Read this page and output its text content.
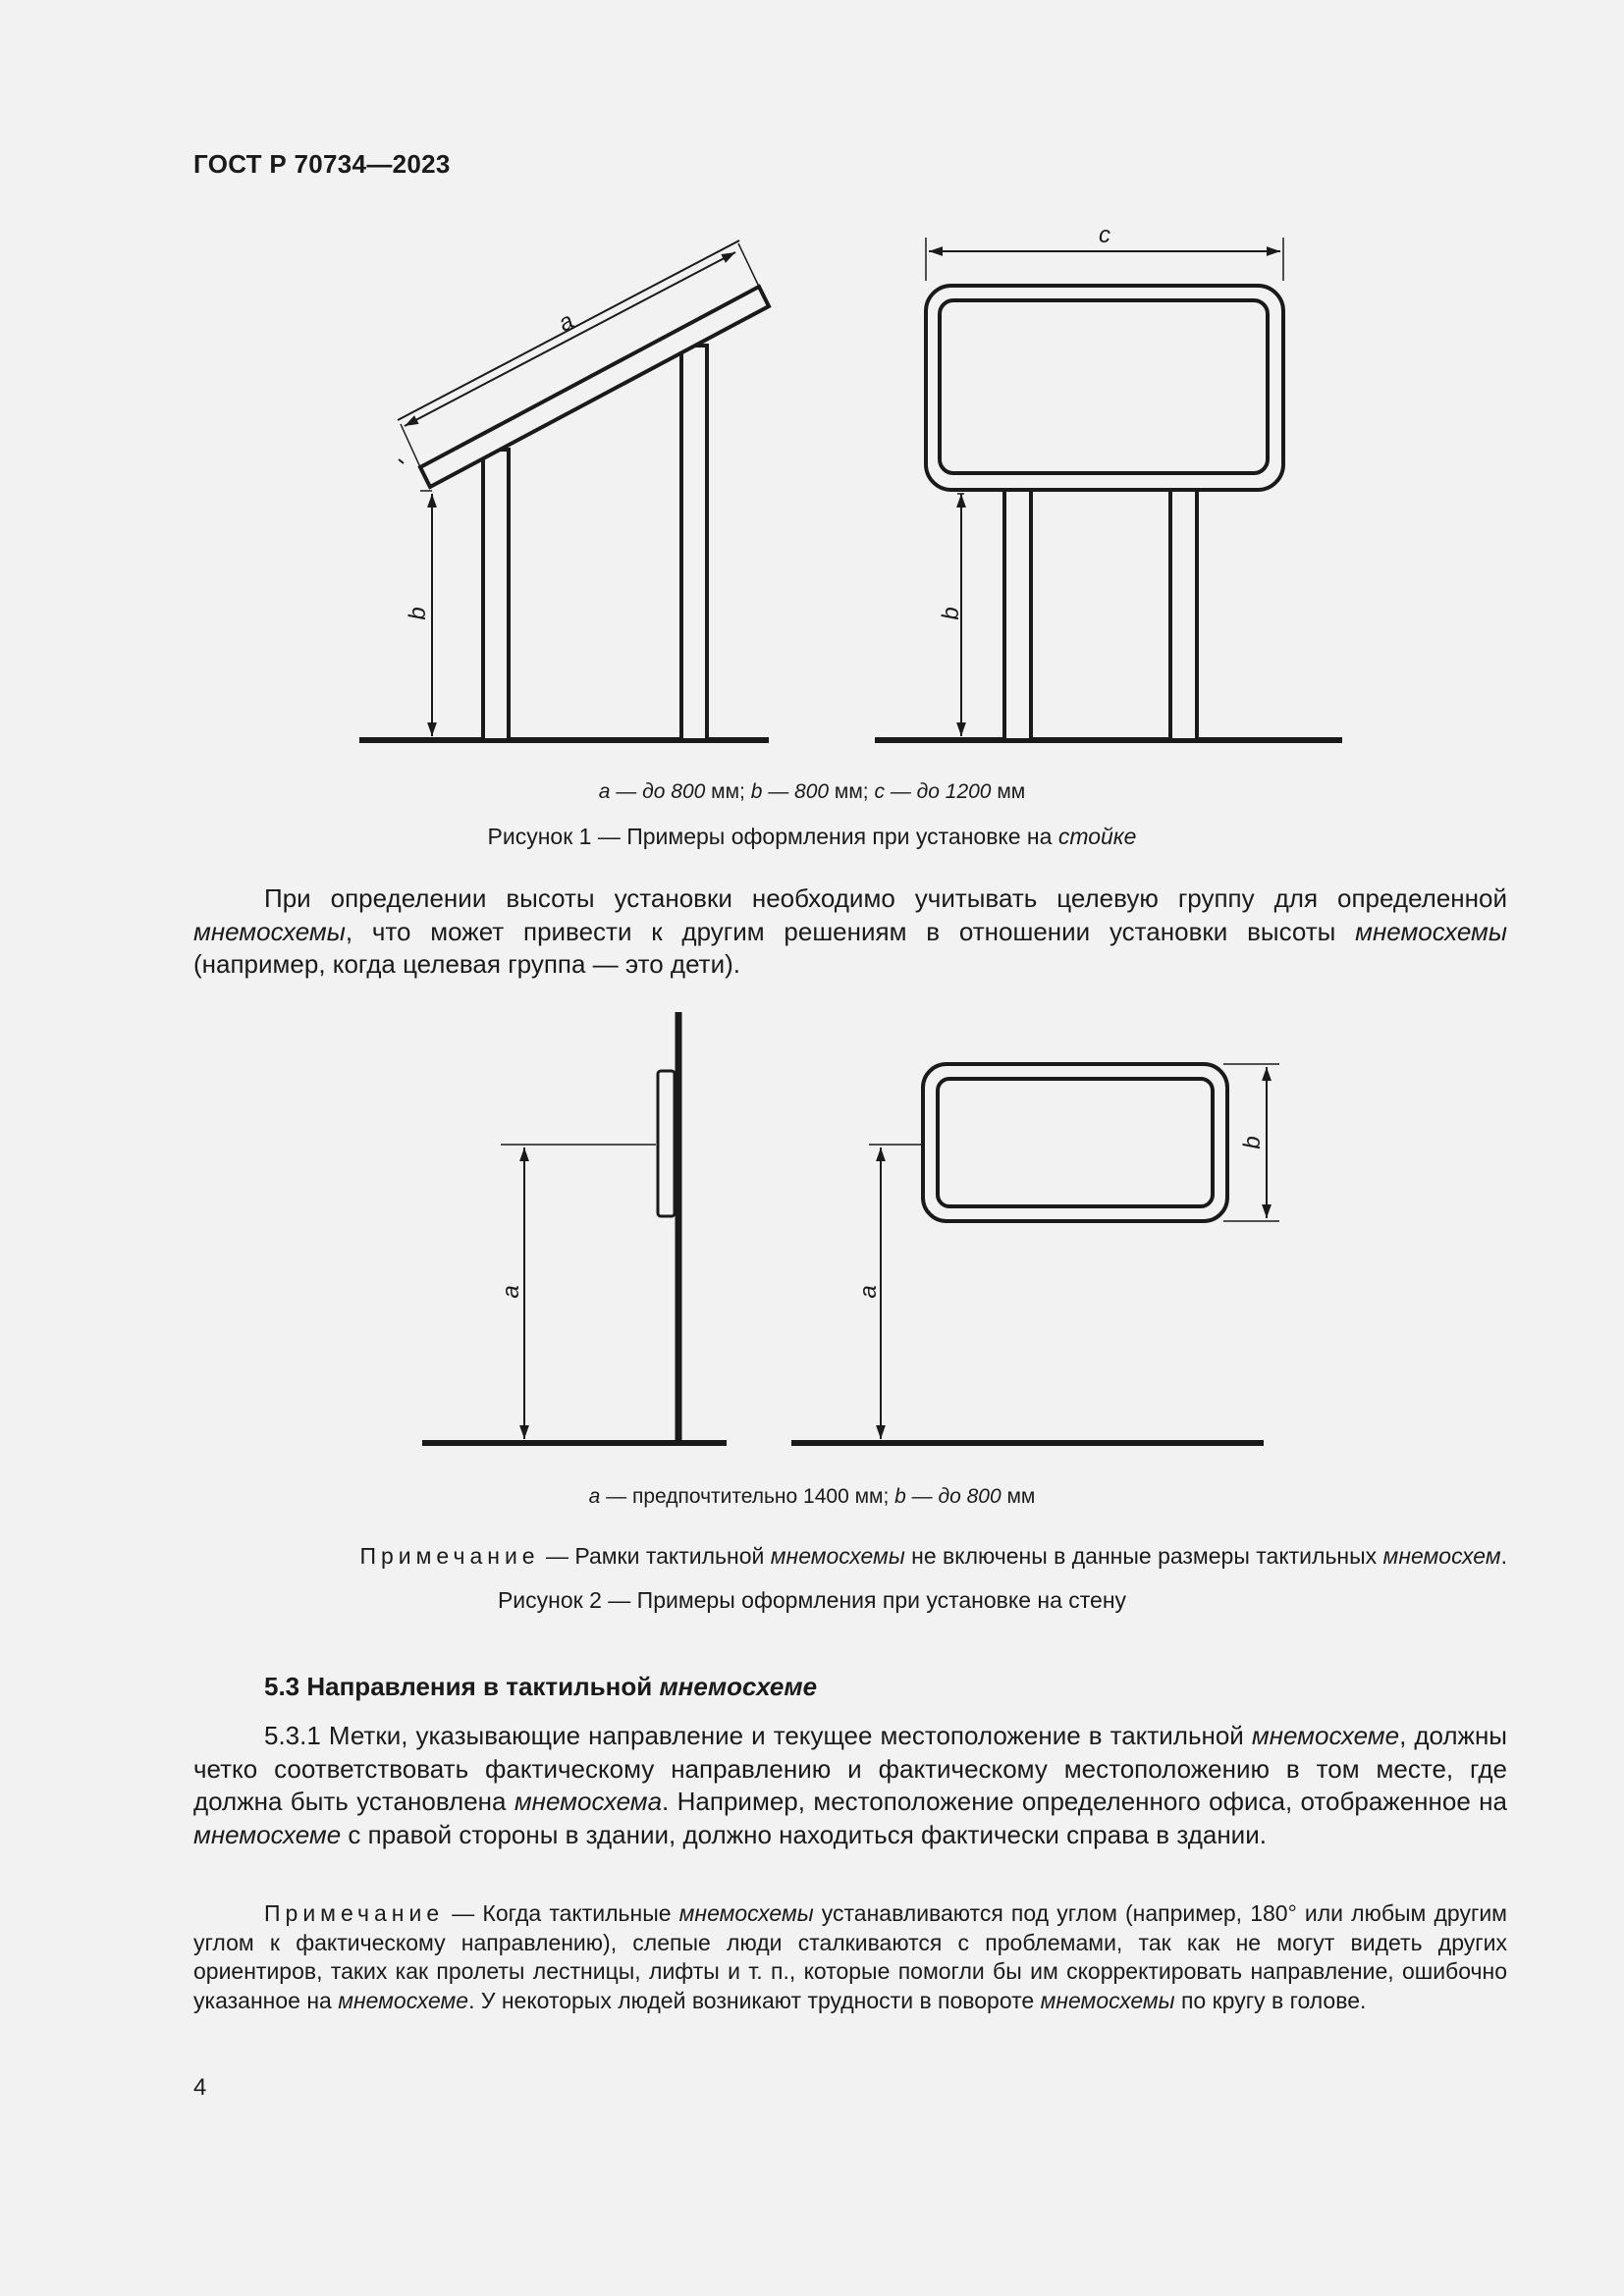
ГОСТ Р 70734—2023
a
b
c
b
a — до 800 мм; b — 800 мм; c — до 1200 мм
Рисунок 1 — Примеры оформления при установке на стойке
При определении высоты установки необходимо учитывать целевую группу для определенной мнемосхемы, что может привести к другим решениям в отношении установки высоты мнемосхемы (например, когда целевая группа — это дети).
a
b
a
a — предпочтительно 1400 мм; b — до 800 мм
Примечание — Рамки тактильной мнемосхемы не включены в данные размеры тактильных мнемосхем.
Рисунок 2 — Примеры оформления при установке на стену
5.3 Направления в тактильной мнемосхеме
5.3.1 Метки, указывающие направление и текущее местоположение в тактильной мнемосхеме, должны четко соответствовать фактическому направлению и фактическому местоположению в том месте, где должна быть установлена мнемосхема. Например, местоположение определенного офиса, отображенное на мнемосхеме с правой стороны в здании, должно находиться фактически справа в здании.
Примечание — Когда тактильные мнемосхемы устанавливаются под углом (например, 180° или любым другим углом к фактическому направлению), слепые люди сталкиваются с проблемами, так как не могут видеть других ориентиров, таких как пролеты лестницы, лифты и т. п., которые помогли бы им скорректировать направление, ошибочно указанное на мнемосхеме. У некоторых людей возникают трудности в повороте мнемосхемы по кругу в голове.
4
